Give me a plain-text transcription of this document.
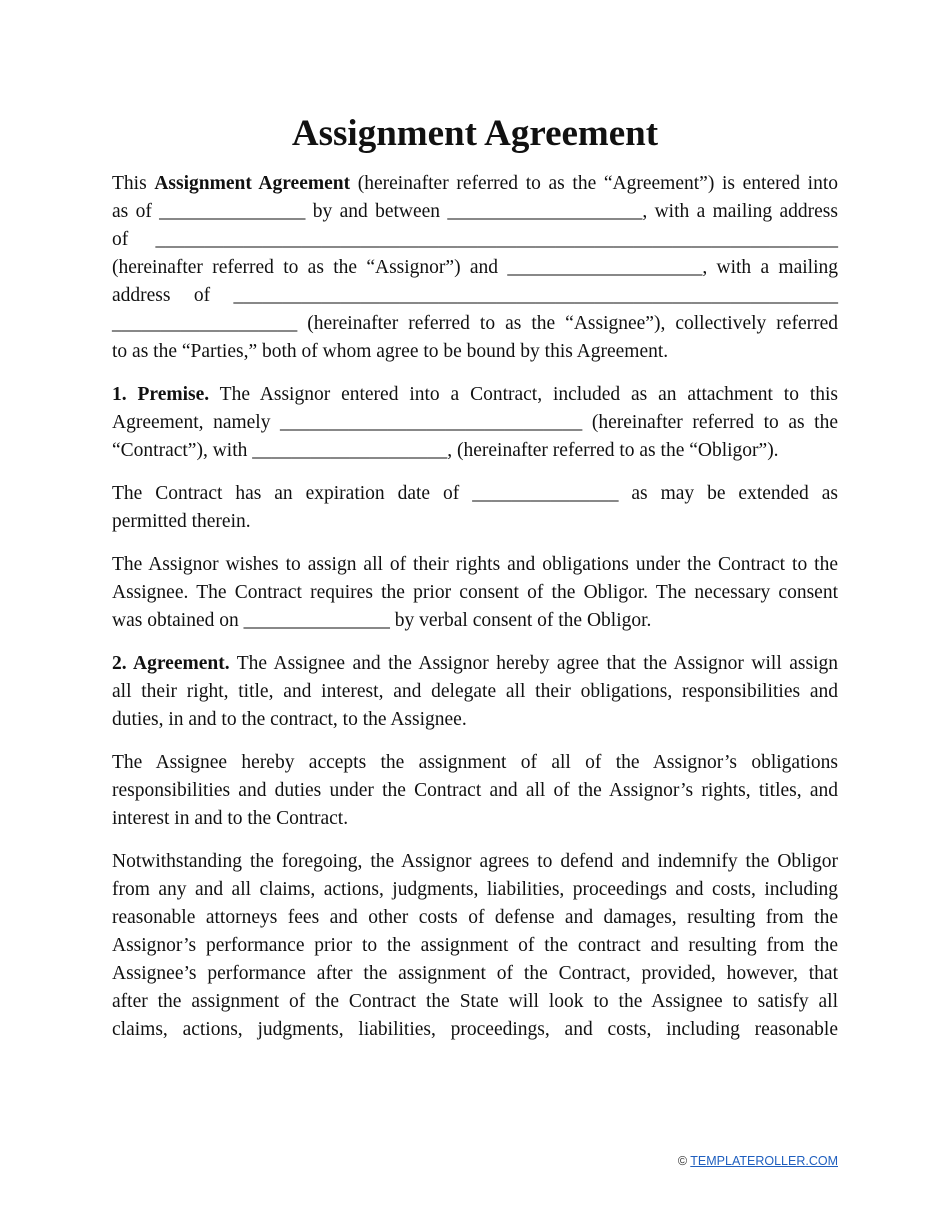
Assignment Agreement

This Assignment Agreement (hereinafter referred to as the “Agreement”) is entered into
as of _______________ by and between ____________________, with a mailing address
of ______________________________________________________________________
(hereinafter referred to as the “Assignor”) and ____________________, with a mailing
address of ______________________________________________________________
___________________ (hereinafter referred to as the “Assignee”), collectively referred
to as the “Parties,” both of whom agree to be bound by this Agreement.

1. Premise. The Assignor entered into a Contract, included as an attachment to this
Agreement, namely _______________________________ (hereinafter referred to as the
“Contract”), with ____________________, (hereinafter referred to as the “Obligor”).

The Contract has an expiration date of _______________ as may be extended as
permitted therein.

The Assignor wishes to assign all of their rights and obligations under the Contract to the
Assignee. The Contract requires the prior consent of the Obligor. The necessary consent
was obtained on _______________ by verbal consent of the Obligor.

2. Agreement. The Assignee and the Assignor hereby agree that the Assignor will assign
all their right, title, and interest, and delegate all their obligations, responsibilities and
duties, in and to the contract, to the Assignee.

The Assignee hereby accepts the assignment of all of the Assignor’s obligations
responsibilities and duties under the Contract and all of the Assignor’s rights, titles, and
interest in and to the Contract.

Notwithstanding the foregoing, the Assignor agrees to defend and indemnify the Obligor
from any and all claims, actions, judgments, liabilities, proceedings and costs, including
reasonable attorneys fees and other costs of defense and damages, resulting from the
Assignor’s performance prior to the assignment of the contract and resulting from the
Assignee’s performance after the assignment of the Contract, provided, however, that
after the assignment of the Contract the State will look to the Assignee to satisfy all
claims, actions, judgments, liabilities, proceedings, and costs, including reasonable

© TEMPLATEROLLER.COM
